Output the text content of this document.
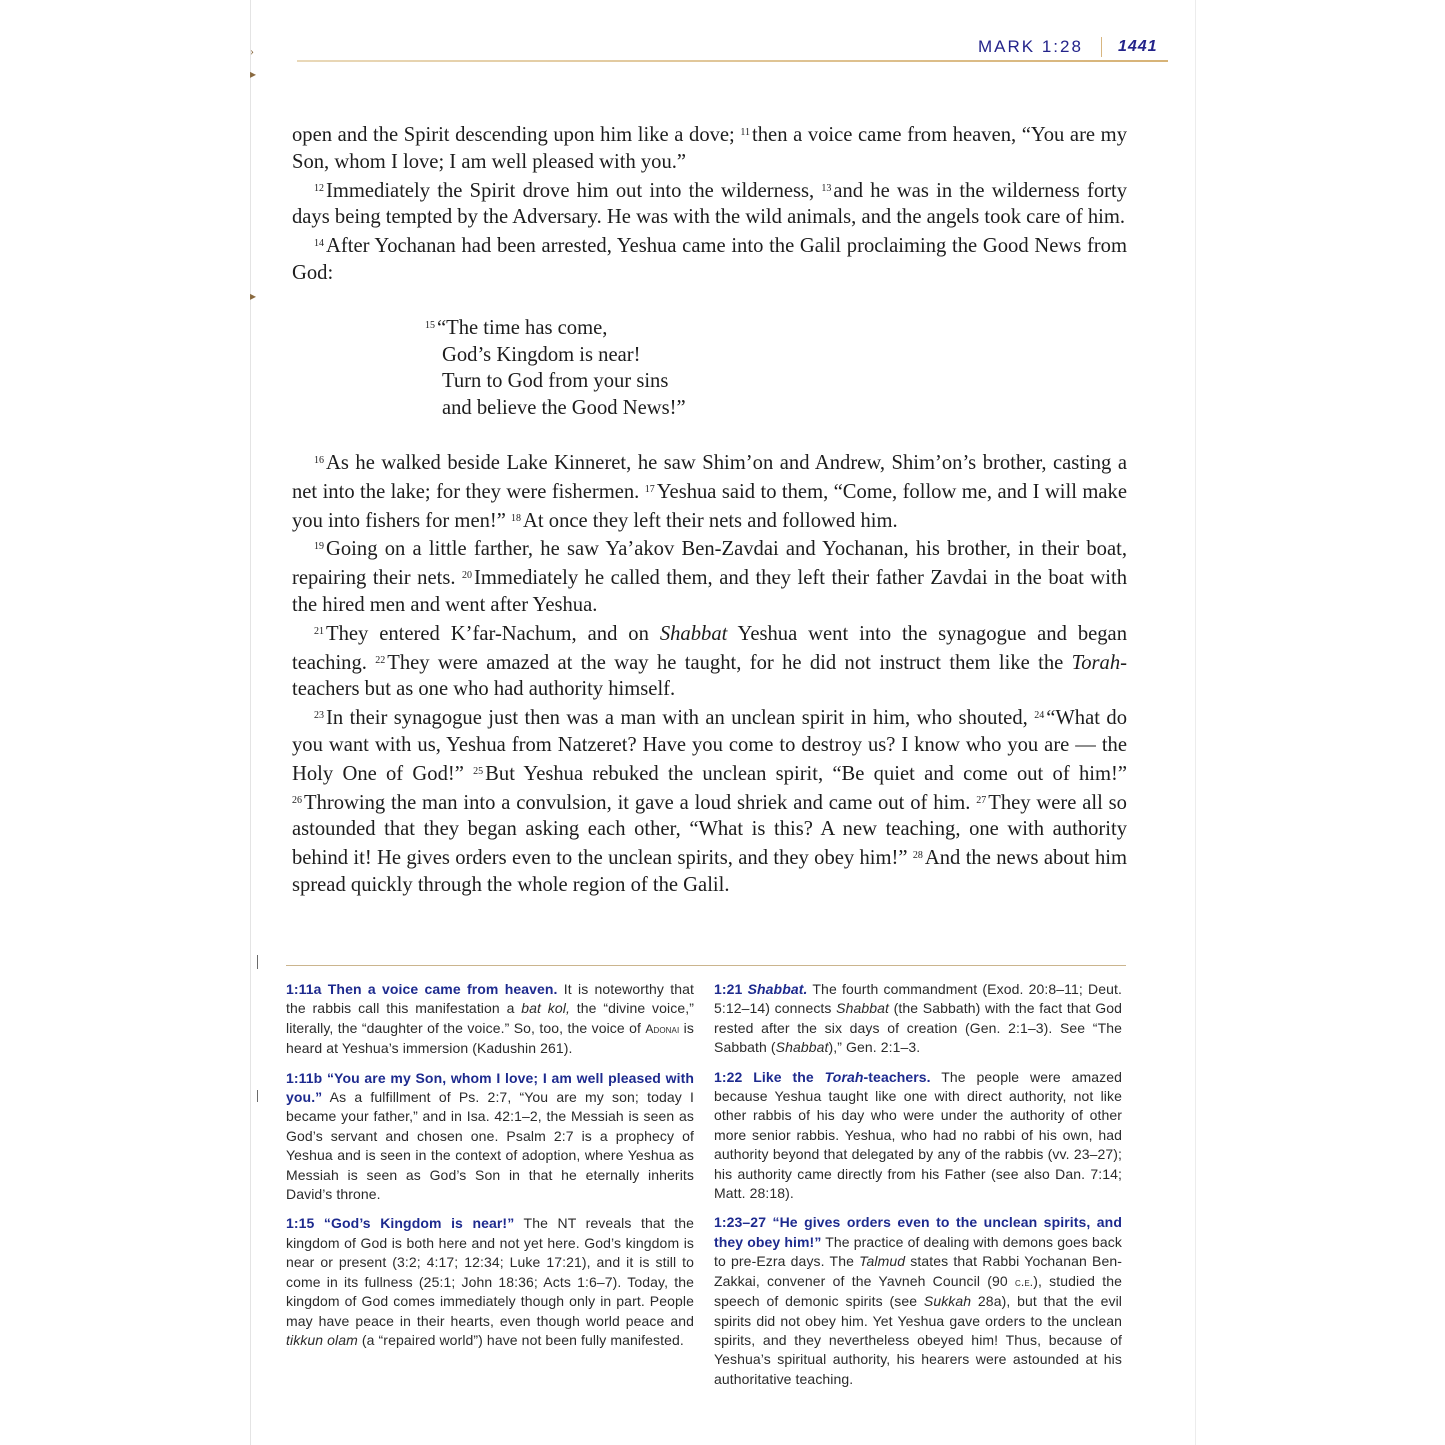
›
▸
▸
MARK 1:28 1441

open and the Spirit descending upon him like a dove; $^{11}$then a voice came from heaven, “You are my Son, whom I love; I am well pleased with you.”

$^{12}$Immediately the Spirit drove him out into the wilderness, $^{13}$and he was in the wilderness forty days being tempted by the Adversary. He was with the wild animals, and the angels took care of him.

$^{14}$After Yochanan had been arrested, Yeshua came into the Galil proclaiming the Good News from God:

$^{15}$“The time has come,
God’s Kingdom is near!
Turn to God from your sins
and believe the Good News!”

$^{16}$As he walked beside Lake Kinneret, he saw Shim’on and Andrew, Shim’on’s brother, casting a net into the lake; for they were fishermen. $^{17}$Yeshua said to them, “Come, follow me, and I will make you into fishers for men!” $^{18}$At once they left their nets and followed him.

$^{19}$Going on a little farther, he saw Ya’akov Ben-Zavdai and Yochanan, his brother, in their boat, repairing their nets. $^{20}$Immediately he called them, and they left their father Zavdai in the boat with the hired men and went after Yeshua.

$^{21}$They entered K’far-Nachum, and on Shabbat Yeshua went into the synagogue and began teaching. $^{22}$They were amazed at the way he taught, for he did not instruct them like the Torah-teachers but as one who had authority himself.

$^{23}$In their synagogue just then was a man with an unclean spirit in him, who shouted, $^{24}$“What do you want with us, Yeshua from Natzeret? Have you come to destroy us? I know who you are — the Holy One of God!” $^{25}$But Yeshua rebuked the unclean spirit, “Be quiet and come out of him!” $^{26}$Throwing the man into a convulsion, it gave a loud shriek and came out of him. $^{27}$They were all so astounded that they began asking each other, “What is this? A new teaching, one with authority behind it! He gives orders even to the unclean spirits, and they obey him!” $^{28}$And the news about him spread quickly through the whole region of the Galil.

1:11a Then a voice came from heaven. It is noteworthy that the rabbis call this manifestation a bat kol, the “divine voice,” literally, the “daughter of the voice.” So, too, the voice of Adonai is heard at Yeshua’s immersion (Kadushin 261).
1:11b “You are my Son, whom I love; I am well pleased with you.” As a fulfillment of Ps. 2:7, “You are my son; today I became your father,” and in Isa. 42:1–2, the Messiah is seen as God’s servant and chosen one. Psalm 2:7 is a prophecy of Yeshua and is seen in the context of adoption, where Yeshua as Messiah is seen as God’s Son in that he eternally inherits David’s throne.
1:15 “God’s Kingdom is near!” The NT reveals that the kingdom of God is both here and not yet here. God’s kingdom is near or present (3:2; 4:17; 12:34; Luke 17:21), and it is still to come in its fullness (25:1; John 18:36; Acts 1:6–7). Today, the kingdom of God comes immediately though only in part. People may have peace in their hearts, even though world peace and tikkun olam (a “repaired world”) have not been fully manifested.
1:21 Shabbat. The fourth commandment (Exod. 20:8–11; Deut. 5:12–14) connects Shabbat (the Sabbath) with the fact that God rested after the six days of creation (Gen. 2:1–3). See “The Sabbath (Shabbat),” Gen. 2:1–3.
1:22 Like the Torah-teachers. The people were amazed because Yeshua taught like one with direct authority, not like other rabbis of his day who were under the authority of other more senior rabbis. Yeshua, who had no rabbi of his own, had authority beyond that delegated by any of the rabbis (vv. 23–27); his authority came directly from his Father (see also Dan. 7:14; Matt. 28:18).
1:23–27 “He gives orders even to the unclean spirits, and they obey him!” The practice of dealing with demons goes back to pre-Ezra days. The Talmud states that Rabbi Yochanan Ben-Zakkai, convener of the Yavneh Council (90 c.e.), studied the speech of demonic spirits (see Sukkah 28a), but that the evil spirits did not obey him. Yet Yeshua gave orders to the unclean spirits, and they nevertheless obeyed him! Thus, because of Yeshua’s spiritual authority, his hearers were astounded at his authoritative teaching.
